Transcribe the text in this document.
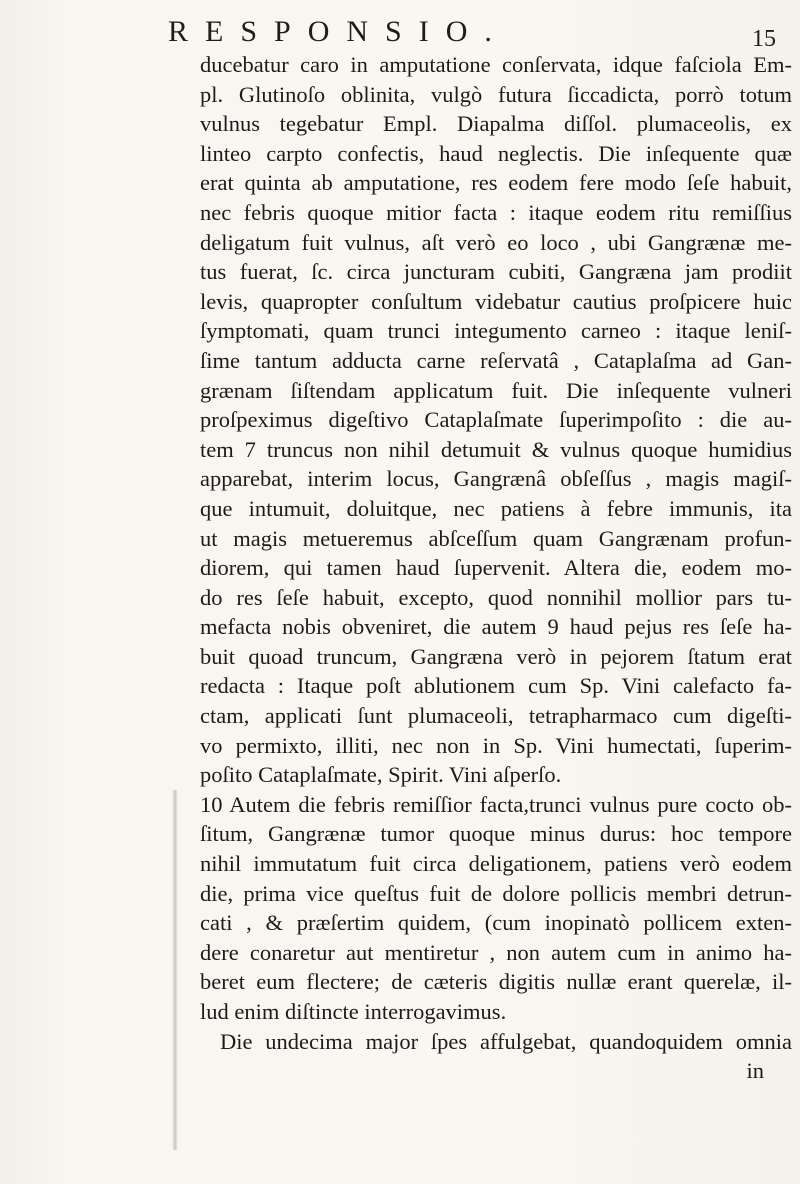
RESPONSIO.	15
ducebatur caro in amputatione conſervata, idque faſciola Em-
pl. Glutinoſo oblinita, vulgò futura ſiccadicta, porrò totum
vulnus tegebatur Empl. Diapalma diſſol. plumaceolis, ex
linteo carpto confectis, haud neglectis. Die inſequente quæ
erat quinta ab amputatione, res eodem fere modo ſeſe habuit,
nec febris quoque mitior facta : itaque eodem ritu remiſſius
deligatum fuit vulnus, aſt verò eo loco , ubi Gangrænæ me-
tus fuerat, ſc. circa juncturam cubiti, Gangræna jam prodiit
levis, quapropter conſultum videbatur cautius proſpicere huic
ſymptomati, quam trunci integumento carneo : itaque leniſ-
ſime tantum adducta carne reſervatâ , Cataplaſma ad Gan-
grænam ſiſtendam applicatum fuit. Die inſequente vulneri
proſpeximus digeſtivo Cataplaſmate ſuperimpoſito : die au-
tem 7 truncus non nihil detumuit & vulnus quoque humidius
apparebat, interim locus, Gangrænâ obſeſſus , magis magiſ-
que intumuit, doluitque, nec patiens à febre immunis, ita
ut magis metueremus abſceſſum quam Gangrænam profun-
diorem, qui tamen haud ſupervenit. Altera die, eodem mo-
do res ſeſe habuit, excepto, quod nonnihil mollior pars tu-
mefacta nobis obveniret, die autem 9 haud pejus res ſeſe ha-
buit quoad truncum, Gangræna verò in pejorem ſtatum erat
redacta : Itaque poſt ablutionem cum Sp. Vini calefacto fa-
ctam, applicati ſunt plumaceoli, tetrapharmaco cum digeſti-
vo permixto, illiti, nec non in Sp. Vini humectati, ſuperim-
poſito Cataplaſmate, Spirit. Vini aſperſo.
10 Autem die febris remiſſior facta,trunci vulnus pure cocto ob-
ſitum, Gangrænæ tumor quoque minus durus: hoc tempore
nihil immutatum fuit circa deligationem, patiens verò eodem
die, prima vice queſtus fuit de dolore pollicis membri detrun-
cati , & præſertim quidem, (cum inopinatò pollicem exten-
dere conaretur aut mentiretur , non autem cum in animo ha-
beret eum flectere; de cæteris digitis nullæ erant querelæ, il-
lud enim diſtincte interrogavimus.
Die undecima major ſpes affulgebat, quandoquidem omnia
in
